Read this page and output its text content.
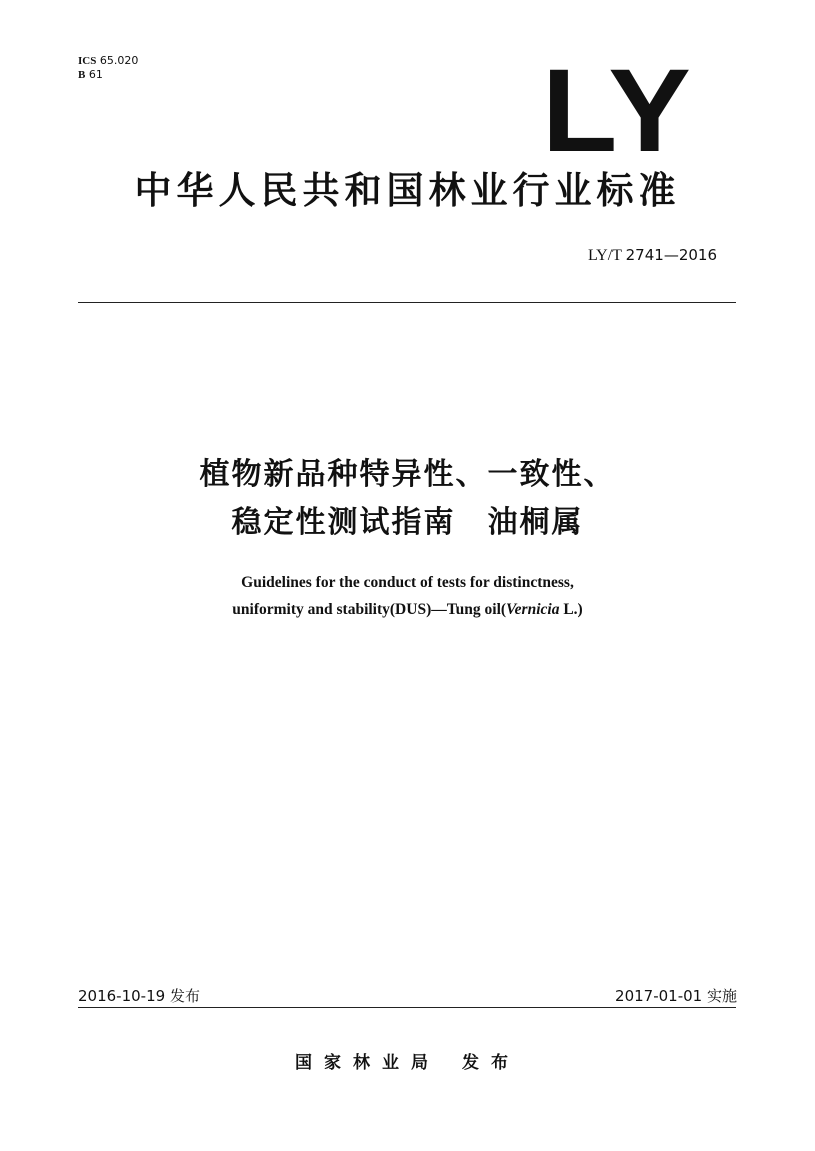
ICS 65.020
B 61	LY
中华人民共和国林业行业标准
LY/T 2741—2016
植物新品种特异性、一致性、
稳定性测试指南　油桐属
Guidelines for the conduct of tests for distinctness,
uniformity and stability(DUS)—Tung oil(Vernicia L.)
2016-10-19 发布	2017-01-01 实施
国家林业局 发布
